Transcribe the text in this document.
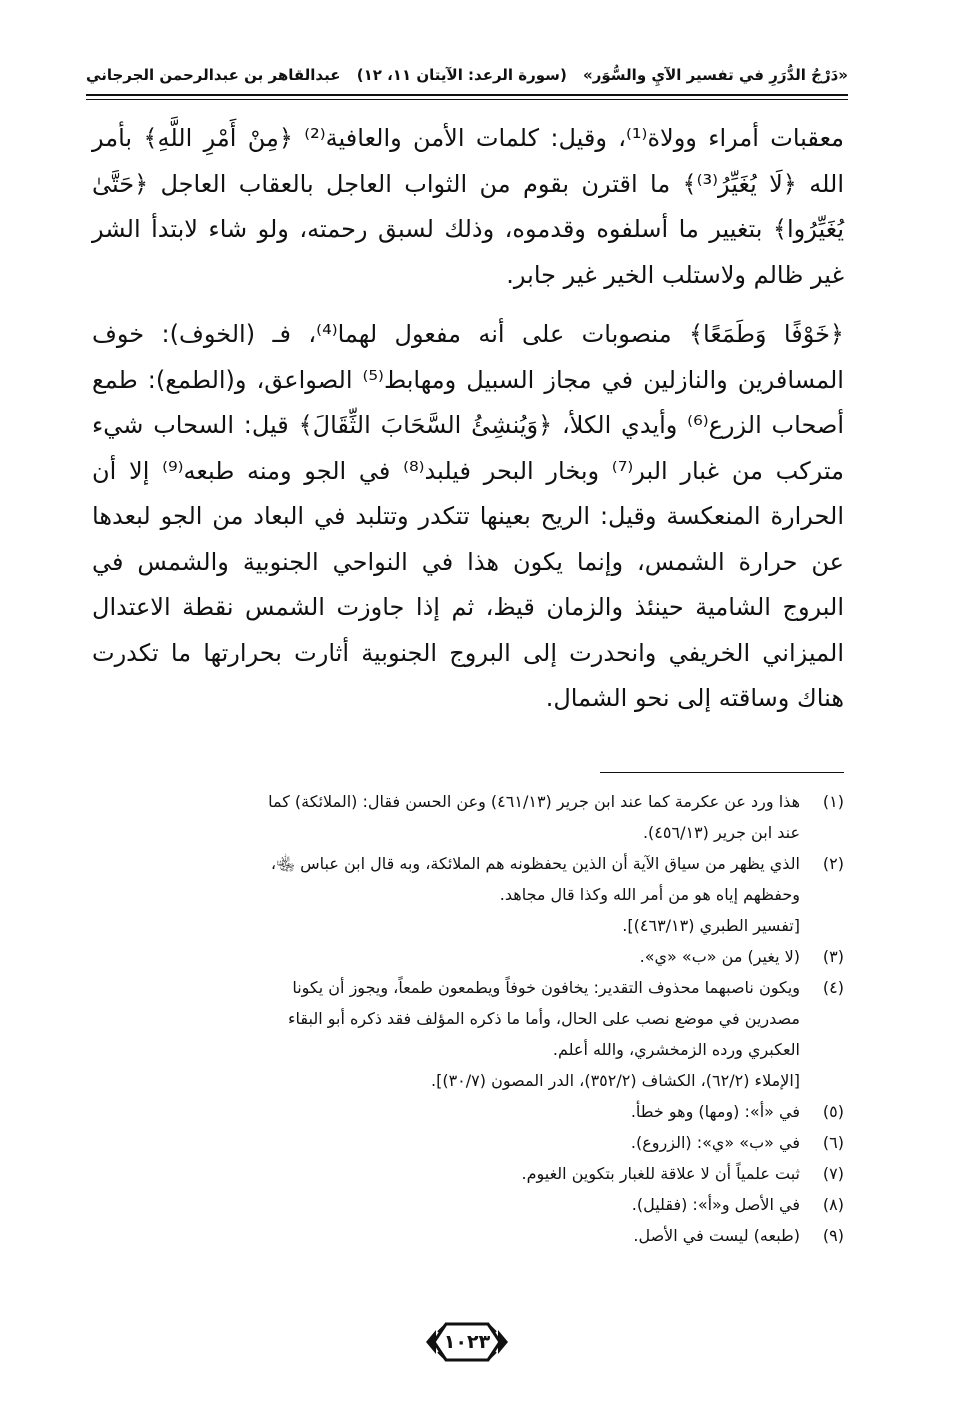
«دَرْجُ الدُّرَرِ في تفسير الآيِ والسُّوَر»
(سورة الرعد: الآيتان ١١، ١٢)
عبدالقاهر بن عبدالرحمن الجرجاني

معقبات أمراء وولاة⁽¹⁾، وقيل: كلمات الأمن والعافية⁽²⁾ ﴿مِنْ أَمْرِ اللَّهِ﴾ بأمر الله ﴿لَا يُغَيِّرُ⁽³⁾﴾ ما اقترن بقوم من الثواب العاجل بالعقاب العاجل ﴿حَتَّىٰ يُغَيِّرُوا﴾ بتغيير ما أسلفوه وقدموه، وذلك لسبق رحمته، ولو شاء لابتدأ الشر غير ظالم ولاستلب الخير غير جابر.

﴿خَوْفًا وَطَمَعًا﴾ منصوبات على أنه مفعول لهما⁽⁴⁾، فـ (الخوف): خوف المسافرين والنازلين في مجاز السبيل ومهابط⁽⁵⁾ الصواعق، و(الطمع): طمع أصحاب الزرع⁽⁶⁾ وأيدي الكلأ، ﴿وَيُنشِئُ السَّحَابَ الثِّقَالَ﴾ قيل: السحاب شيء متركب من غبار البر⁽⁷⁾ وبخار البحر فيلبد⁽⁸⁾ في الجو ومنه طبعه⁽⁹⁾ إلا أن الحرارة المنعكسة وقيل: الريح بعينها تتكدر وتتلبد في البعاد من الجو لبعدها عن حرارة الشمس، وإنما يكون هذا في النواحي الجنوبية والشمس في البروج الشامية حينئذ والزمان قيظ، ثم إذا جاوزت الشمس نقطة الاعتدال الميزاني الخريفي وانحدرت إلى البروج الجنوبية أثارت بحرارتها ما تكدرت هناك وساقته إلى نحو الشمال.

(١)
هذا ورد عن عكرمة كما عند ابن جرير (٤٦١/١٣) وعن الحسن فقال: (الملائكة) كما
عند ابن جرير (٤٥٦/١٣).
(٢)
الذي يظهر من سياق الآية أن الذين يحفظونه هم الملائكة، وبه قال ابن عباس ﵄،
وحفظهم إياه هو من أمر الله وكذا قال مجاهد.
[تفسير الطبري (٤٦٣/١٣)].
(٣)
(لا يغير) من «ب» «ي».
(٤)
ويكون ناصبهما محذوف التقدير: يخافون خوفاً ويطمعون طمعاً، ويجوز أن يكونا
مصدرين في موضع نصب على الحال، وأما ما ذكره المؤلف فقد ذكره أبو البقاء
العكبري ورده الزمخشري، والله أعلم.
[الإملاء (٦٢/٢)، الكشاف (٣٥٢/٢)، الدر المصون (٣٠/٧)].
(٥)
في «أ»: (ومها) وهو خطأ.
(٦)
في «ب» «ي»: (الزروع).
(٧)
ثبت علمياً أن لا علاقة للغبار بتكوين الغيوم.
(٨)
في الأصل و«أ»: (فقليل).
(٩)
(طبعه) ليست في الأصل.
١٠٢٣
